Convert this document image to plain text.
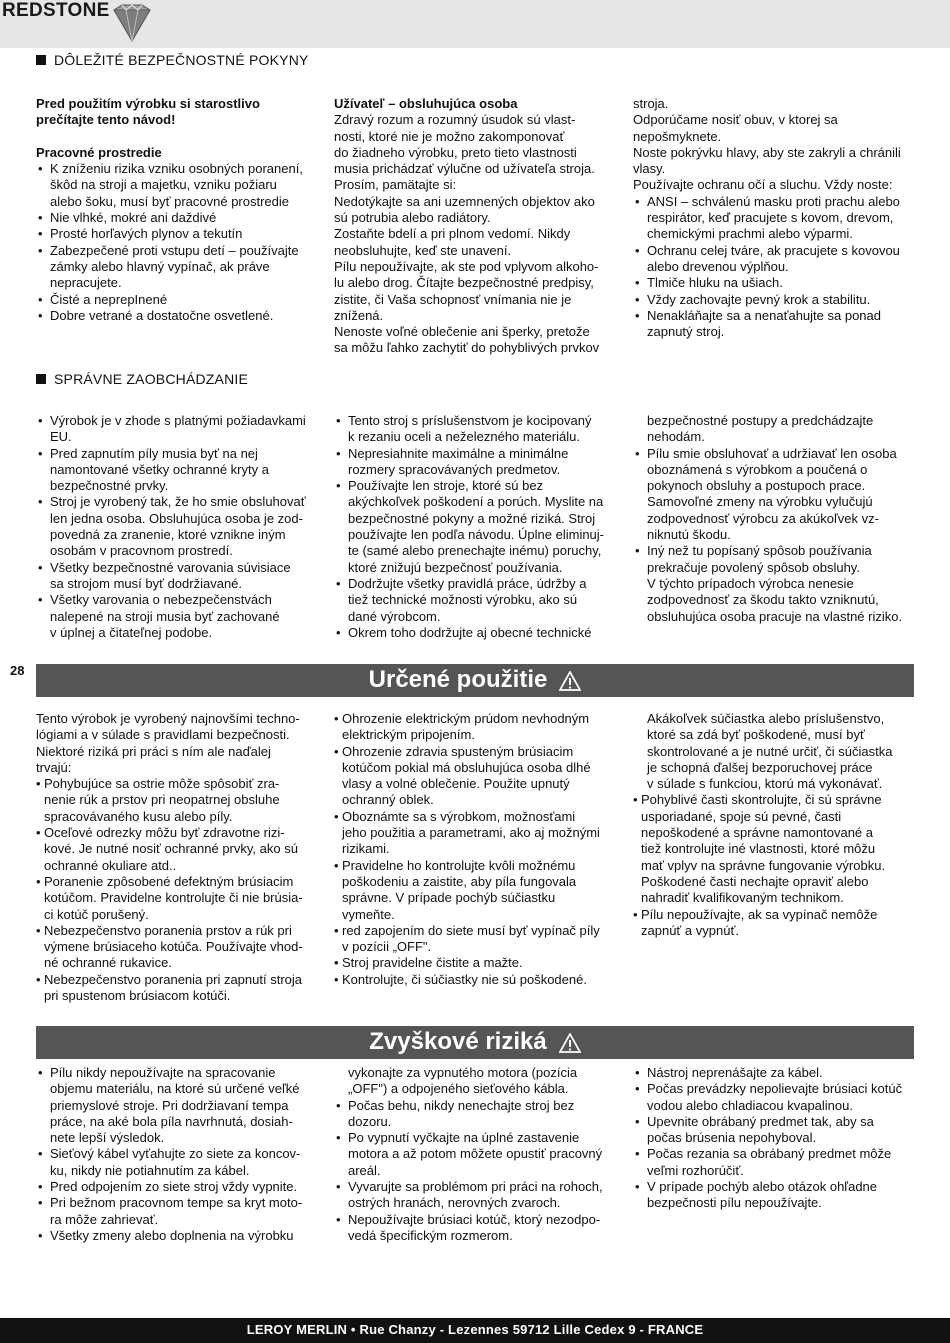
REDSTONE
DÔLEŽITÉ BEZPEČNOSTNÉ POKYNY
Pred použitím výrobku si starostlivo
prečítajte tento návod!
Pracovné prostredie
• K zníženiu rizika vzniku osobných poranení,
škôd na stroji a majetku, vzniku požiaru
alebo šoku, musí byť pracovné prostredie
• Nie vlhké, mokré ani daždivé
• Prosté horľavých plynov a tekutín
• Zabezpečené proti vstupu detí – používajte
zámky alebo hlavný vypínač, ak práve
nepracujete.
• Čisté a neprepInené
• Dobre vetrané a dostatočne osvetlené.
Užívateľ – obsluhujúca osoba
Zdravý rozum a rozumný úsudok sú vlast-
nosti, ktoré nie je možno zakomponovať
do žiadneho výrobku, preto tieto vlastnosti
musia prichádzať výlučne od užívateľa stroja.
Prosím, pamätajte si:
Nedotýkajte sa ani uzemnených objektov ako
sú potrubia alebo radiátory.
Zostaňte bdelí a pri plnom vedomí. Nikdy
neobsluhujte, keď ste unavení.
Pílu nepoužívajte, ak ste pod vplyvom alkoho-
lu alebo drog. Čítajte bezpečnostné predpisy,
zistite, či Vaša schopnosť vnímania nie je
znížená.
Nenoste voľné oblečenie ani šperky, pretože
sa môžu ľahko zachytiť do pohyblivých prvkov
stroja.
Odporúčame nosiť obuv, v ktorej sa
nepošmyknete.
Noste pokrývku hlavy, aby ste zakryli a chránili
vlasy.
Používajte ochranu očí a sluchu. Vždy noste:
• ANSI – schválenú masku proti prachu alebo
respirátor, keď pracujete s kovom, drevom,
chemickými prachmi alebo výparmi.
• Ochranu celej tváre, ak pracujete s kovovou
alebo drevenou výplňou.
• Tlmiče hluku na ušiach.
• Vždy zachovajte pevný krok a stabilitu.
• Nenakláňajte sa a nenaťahujte sa ponad
zapnutý stroj.
SPRÁVNE ZAOBCHÁDZANIE
• Výrobok je v zhode s platnými požiadavkami
EU.
• Pred zapnutím píly musia byť na nej
namontované všetky ochranné kryty a
bezpečnostné prvky.
• Stroj je vyrobený tak, že ho smie obsluhovať
len jedna osoba. Obsluhujúca osoba je zod-
povedná za zranenie, ktoré vznikne iným
osobám v pracovnom prostredí.
• Všetky bezpečnostné varovania súvisiace
sa strojom musí byť dodržiavané.
• Všetky varovania o nebezpečenstvách
nalepené na stroji musia byť zachované
v úplnej a čitateľnej podobe.
• Tento stroj s príslušenstvom je kocipovaný
k rezaniu oceli a neželezného materiálu.
• Nepresiahnite maximálne a minimálne
rozmery spracovávaných predmetov.
• Používajte len stroje, ktoré sú bez
akýchkoľvek poškodení a porúch. Myslite na
bezpečnostné pokyny a možné riziká. Stroj
používajte len podľa návodu. Úplne eliminuj-
te (samé alebo prenechajte inému) poruchy,
ktoré znižujú bezpečnosť používania.
• Dodržujte všetky pravidlá práce, údržby a
tiež technické možnosti výrobku, ako sú
dané výrobcom.
• Okrem toho dodržujte aj obecné technické
bezpečnostné postupy a predchádzajte
nehodám.
• Pílu smie obsluhovať a udržiavať len osoba
oboznámená s výrobkom a poučená o
pokynoch obsluhy a postupoch prace.
Samovoľné zmeny na výrobku vylučujú
zodpovednosť výrobcu za akúkoľvek vz-
niknutú škodu.
• Iný než tu popísaný spôsob používania
prekračuje povolený spôsob obsluhy.
V týchto prípadoch výrobca nenesie
zodpovednosť za škodu takto vzniknutú,
obsluhujúca osoba pracuje na vlastné riziko.
28	Určené použitie
Tento výrobok je vyrobený najnovšími techno-
lógiami a v súlade s pravidlami bezpečnosti.
Niektoré riziká pri práci s ním ale naďalej
trvajú:
• Pohybujúce sa ostrie môže spôsobiť zra-
nenie rúk a prstov pri neopatrnej obsluhe
spracovávaného kusu alebo píly.
• Oceľové odrezky môžu byť zdravotne rizi-
kové. Je nutné nosiť ochranné prvky, ako sú
ochranné okuliare atd..
• Poranenie zpôsobené defektným brúsiacim
kotúčom. Pravidelne kontrolujte či nie brúsia-
ci kotúč porušený.
• Nebezpečenstvo poranenia prstov a rúk pri
výmene brúsiaceho kotúča. Používajte vhod-
né ochranné rukavice.
• Nebezpečenstvo poranenia pri zapnutí stroja
pri spustenom brúsiacom kotúči.
• Ohrozenie elektrickým prúdom nevhodným
elektrickým pripojením.
• Ohrozenie zdravia spusteným brúsiacim
kotúčom pokial má obsluhujúca osoba dlhé
vlasy a volné oblečenie. Použite upnutý
ochranný oblek.
• Oboznámte sa s výrobkom, možnosťami
jeho použitia a parametrami, ako aj možnými
rizikami.
• Pravidelne ho kontrolujte kvôli možnému
poškodeniu a zaistite, aby píla fungovala
správne. V prípade pochýb súčiastku
vymeňte.
• red zapojením do siete musí byť vypínač píly
v pozícii „OFF".
• Stroj pravidelne čistite a mažte.
• Kontrolujte, či súčiastky nie sú poškodené.
Akákoľvek súčiastka alebo príslušenstvo,
ktoré sa zdá byť poškodené, musí byť
skontrolované a je nutné určiť, či súčiastka
je schopná ďalšej bezporuchovej práce
v súlade s funkciou, ktorú má vykonávať.
• Pohyblivé časti skontrolujte, či sú správne
usporiadané, spoje sú pevné, časti
nepoškodené a správne namontované a
tiež kontrolujte iné vlastnosti, ktoré môžu
mať vplyv na správne fungovanie výrobku.
Poškodené časti nechajte opraviť alebo
nahradiť kvalifikovaným technikom.
• Pílu nepoužívajte, ak sa vypínač nemôže
zapnúť a vypnúť.
Zvyškové riziká
• Pílu nikdy nepoužívajte na spracovanie
objemu materiálu, na ktoré sú určené veľké
priemyslové stroje. Pri dodržiavaní tempa
práce, na aké bola píla navrhnutá, dosiah-
nete lepší výsledok.
• Sieťový kábel vyťahujte zo siete za koncov-
ku, nikdy nie potiahnutím za kábel.
• Pred odpojením zo siete stroj vždy vypnite.
• Pri bežnom pracovnom tempe sa kryt moto-
ra môže zahrievať.
• Všetky zmeny alebo doplnenia na výrobku
vykonajte za vypnutého motora (pozícia
„OFF") a odpojeného sieťového kábla.
• Počas behu, nikdy nenechajte stroj bez
dozoru.
• Po vypnutí vyčkajte na úplné zastavenie
motora a až potom môžete opustiť pracovný
areál.
• Vyvarujte sa problémom pri práci na rohoch,
ostrých hranách, nerovných zvaroch.
• Nepoužívajte brúsiaci kotúč, ktorý nezodpo-
vedá špecifickým rozmerom.
• Nástroj neprenášajte za kábel.
• Počas prevádzky nepolievajte brúsiaci kotúč
vodou alebo chladiacou kvapalinou.
• Upevnite obrábaný predmet tak, aby sa
počas brúsenia nepohyboval.
• Počas rezania sa obrábaný predmet môže
veľmi rozhorúčiť.
• V prípade pochýb alebo otázok ohľadne
bezpečnosti pílu nepoužívajte.
LEROY MERLIN • Rue Chanzy - Lezennes 59712 Lille Cedex 9 - FRANCE
